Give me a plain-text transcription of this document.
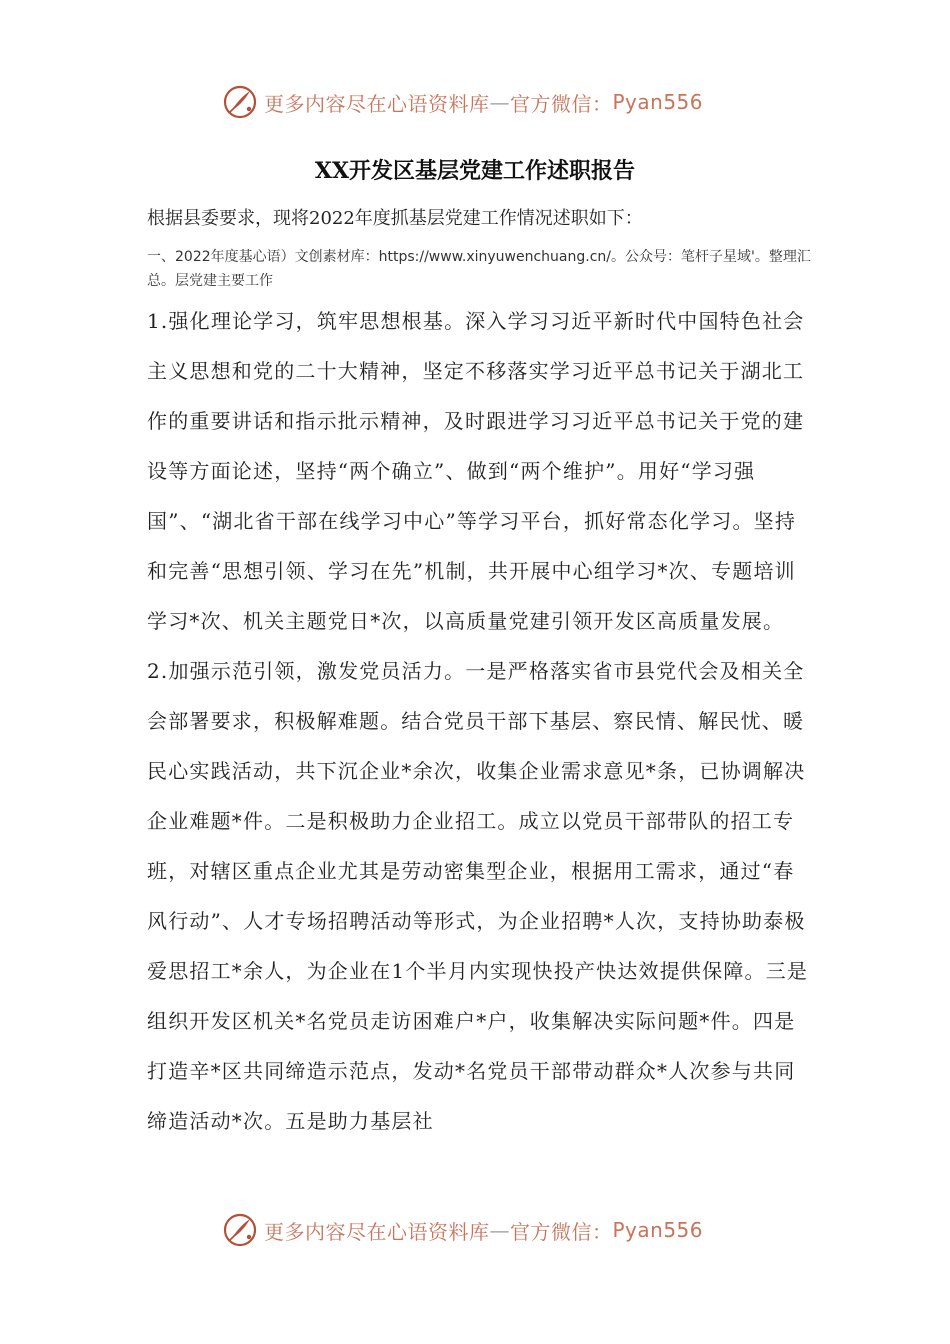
更多内容尽在心语资料库 — 官方微信： Pyan556
XX开发区基层党建工作述职报告
根据县委要求，现将2022年度抓基层党建工作情况述职如下：
一、2022年度基心语）文创素材库：https://www.xinyuwenchuang.cn/。公众号：笔杆子星域'。整理汇总。层党建主要工作

1.强化理论学习，筑牢思想根基。深入学习习近平新时代中国特色社会主义思想和党的二十大精神，坚定不移落实学习近平总书记关于湖北工作的重要讲话和指示批示精神，及时跟进学习习近平总书记关于党的建设等方面论述，坚持“两个确立”、做到“两个维护”。用好“学习强国”、“湖北省干部在线学习中心”等学习平台，抓好常态化学习。坚持和完善“思想引领、学习在先”机制，共开展中心组学习*次、专题培训学习*次、机关主题党日*次，以高质量党建引领开发区高质量发展。

2.加强示范引领，激发党员活力。一是严格落实省市县党代会及相关全会部署要求，积极解难题。结合党员干部下基层、察民情、解民忧、暖民心实践活动，共下沉企业*余次，收集企业需求意见*条，已协调解决企业难题*件。二是积极助力企业招工。成立以党员干部带队的招工专班，对辖区重点企业尤其是劳动密集型企业，根据用工需求，通过“春风行动”、人才专场招聘活动等形式，为企业招聘*人次，支持协助泰极爱思招工*余人，为企业在1个半月内实现快投产快达效提供保障。三是组织开发区机关*名党员走访困难户*户，收集解决实际问题*件。四是打造辛*区共同缔造示范点，发动*名党员干部带动群众*人次参与共同缔造活动*次。五是助力基层社

更多内容尽在心语资料库 — 官方微信： Pyan556
